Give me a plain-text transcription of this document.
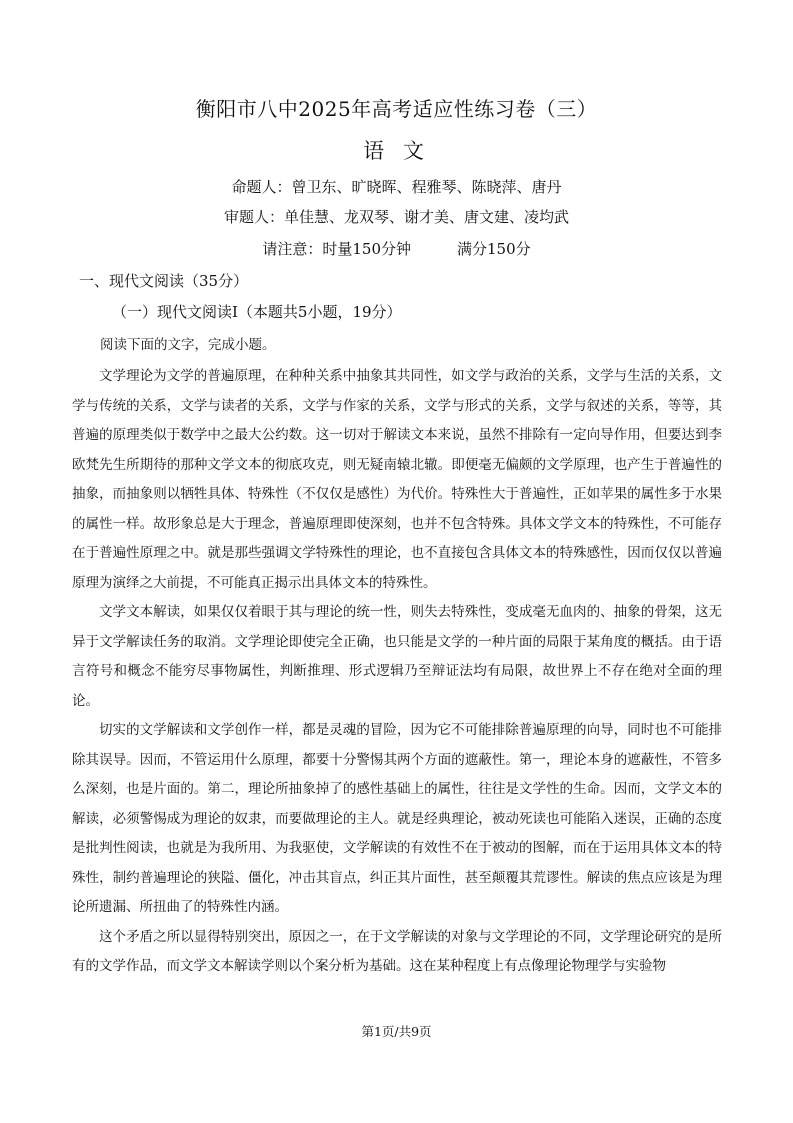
衡阳市八中2025年高考适应性练习卷（三）
语 文
命题人：曾卫东、旷晓晖、程雅琴、陈晓萍、唐丹
审题人：单佳慧、龙双琴、谢才美、唐文建、凌均武
请注意：时量150分钟	满分150分
一、现代文阅读（35分）
（一）现代文阅读Ⅰ（本题共5小题，19分）
阅读下面的文字，完成小题。

文学理论为文学的普遍原理，在种种关系中抽象其共同性，如文学与政治的关系，文学与生活的关系，文学与传统的关系，文学与读者的关系，文学与作家的关系，文学与形式的关系，文学与叙述的关系，等等，其普遍的原理类似于数学中之最大公约数。这一切对于解读文本来说，虽然不排除有一定向导作用，但要达到李欧梵先生所期待的那种文学文本的彻底攻克，则无疑南辕北辙。即便毫无偏颇的文学原理，也产生于普遍性的抽象，而抽象则以牺牲具体、特殊性（不仅仅是感性）为代价。特殊性大于普遍性，正如苹果的属性多于水果的属性一样。故形象总是大于理念，普遍原理即使深刻，也并不包含特殊。具体文学文本的特殊性，不可能存在于普遍性原理之中。就是那些强调文学特殊性的理论，也不直接包含具体文本的特殊感性，因而仅仅以普遍原理为演绎之大前提，不可能真正揭示出具体文本的特殊性。

文学文本解读，如果仅仅着眼于其与理论的统一性，则失去特殊性，变成毫无血肉的、抽象的骨架，这无异于文学解读任务的取消。文学理论即使完全正确，也只能是文学的一种片面的局限于某角度的概括。由于语言符号和概念不能穷尽事物属性，判断推理、形式逻辑乃至辩证法均有局限，故世界上不存在绝对全面的理论。

切实的文学解读和文学创作一样，都是灵魂的冒险，因为它不可能排除普遍原理的向导，同时也不可能排除其误导。因而，不管运用什么原理，都要十分警惕其两个方面的遮蔽性。第一，理论本身的遮蔽性，不管多么深刻，也是片面的。第二，理论所抽象掉了的感性基础上的属性，往往是文学性的生命。因而，文学文本的解读，必须警惕成为理论的奴隶，而要做理论的主人。就是经典理论，被动死读也可能陷入迷误，正确的态度是批判性阅读，也就是为我所用、为我驱使，文学解读的有效性不在于被动的图解，而在于运用具体文本的特殊性，制约普遍理论的狭隘、僵化，冲击其盲点，纠正其片面性，甚至颠覆其荒谬性。解读的焦点应该是为理论所遗漏、所扭曲了的特殊性内涵。

这个矛盾之所以显得特别突出，原因之一，在于文学解读的对象与文学理论的不同，文学理论研究的是所有的文学作品，而文学文本解读学则以个案分析为基础。这在某种程度上有点像理论物理学与实验物

第1页/共9页
